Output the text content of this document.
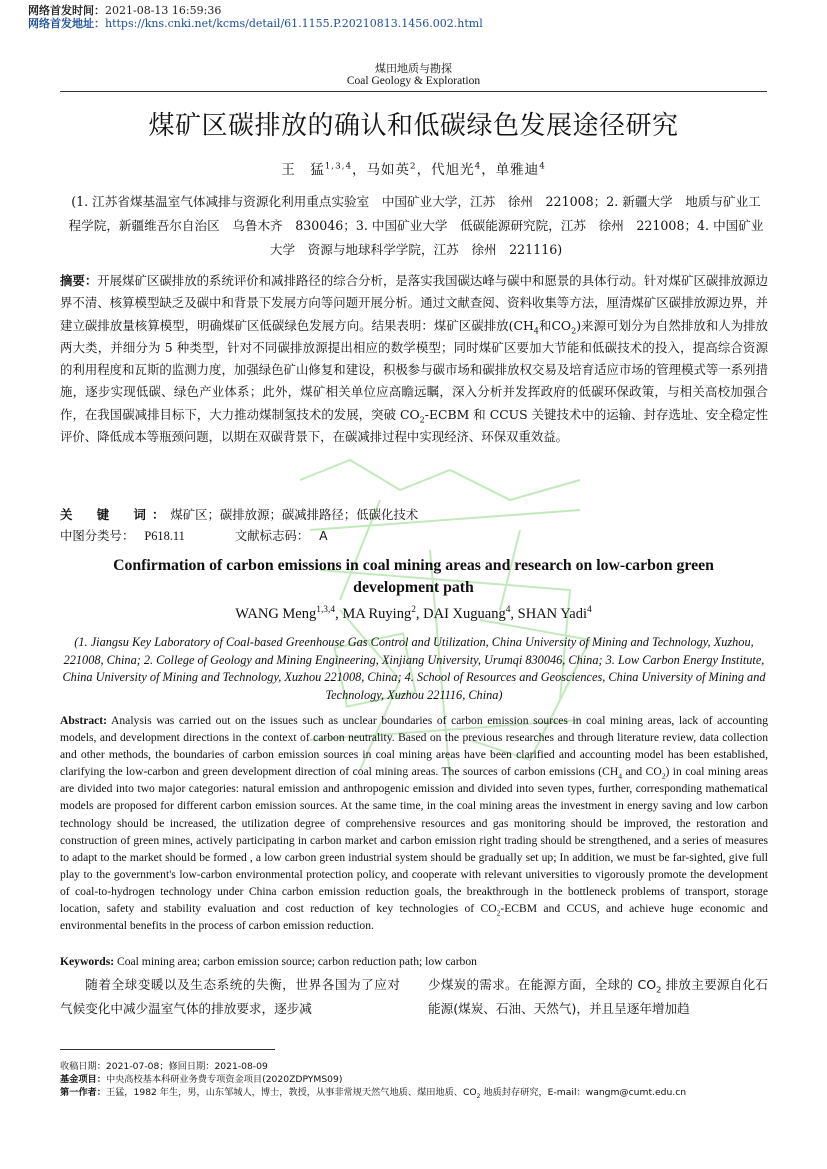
网络首发时间：2021-08-13 16:59:36
网络首发地址：https://kns.cnki.net/kcms/detail/61.1155.P.20210813.1456.002.html
煤田地质与勘探
Coal Geology & Exploration
煤矿区碳排放的确认和低碳绿色发展途径研究
王　猛$^{1,3,4}$，马如英$^2$，代旭光$^4$，单雅迪$^4$
(1. 江苏省煤基温室气体减排与资源化利用重点实验室　中国矿业大学，江苏　徐州　221008；2. 新疆大学　地质与矿业工程学院，新疆维吾尔自治区　乌鲁木齐　830046；3. 中国矿业大学　低碳能源研究院，江苏　徐州　221008；4. 中国矿业大学　资源与地球科学学院，江苏　徐州　221116)
摘要：开展煤矿区碳排放的系统评价和减排路径的综合分析，是落实我国碳达峰与碳中和愿景的具体行动。针对煤矿区碳排放源边界不清、核算模型缺乏及碳中和背景下发展方向等问题开展分析。通过文献查阅、资料收集等方法，厘清煤矿区碳排放源边界，并建立碳排放量核算模型，明确煤矿区低碳绿色发展方向。结果表明：煤矿区碳排放($CH_4$和$CO_2$)来源可划分为自然排放和人为排放两大类，并细分为 5 种类型，针对不同碳排放源提出相应的数学模型；同时煤矿区要加大节能和低碳技术的投入，提高综合资源的利用程度和瓦斯的监测力度，加强绿色矿山修复和建设，积极参与碳市场和碳排放权交易及培育适应市场的管理模式等一系列措施，逐步实现低碳、绿色产业体系；此外，煤矿相关单位应高瞻远瞩，深入分析并发挥政府的低碳环保政策，与相关高校加强合作，在我国碳减排目标下，大力推动煤制氢技术的发展，突破 $CO_2$-ECBM 和 CCUS 关键技术中的运输、封存选址、安全稳定性评价、降低成本等瓶颈问题，以期在双碳背景下，在碳减排过程中实现经济、环保双重效益。
关　键　词：煤矿区；碳排放源；碳减排路径；低碳化技术
中图分类号： P618.11	文献标志码： A
Confirmation of carbon emissions in coal mining areas and research on low-carbon green development path
WANG Meng$^{1,3,4}$, MA Ruying$^2$, DAI Xuguang$^4$, SHAN Yadi$^4$
(1. Jiangsu Key Laboratory of Coal-based Greenhouse Gas Control and Utilization, China University of Mining and Technology, Xuzhou, 221008, China; 2. College of Geology and Mining Engineering, Xinjiang University, Urumqi 830046, China; 3. Low Carbon Energy Institute, China University of Mining and Technology, Xuzhou 221008, China; 4. School of Resources and Geosciences, China University of Mining and Technology, Xuzhou 221116, China)
Abstract: Analysis was carried out on the issues such as unclear boundaries of carbon emission sources in coal mining areas, lack of accounting models, and development directions in the context of carbon neutrality. Based on the previous researches and through literature review, data collection and other methods, the boundaries of carbon emission sources in coal mining areas have been clarified and accounting model has been established, clarifying the low-carbon and green development direction of coal mining areas. The sources of carbon emissions ($CH_4$ and $CO_2$) in coal mining areas are divided into two major categories: natural emission and anthropogenic emission and divided into seven types, further, corresponding mathematical models are proposed for different carbon emission sources. At the same time, in the coal mining areas the investment in energy saving and low carbon technology should be increased, the utilization degree of comprehensive resources and gas monitoring should be improved, the restoration and construction of green mines, actively participating in carbon market and carbon emission right trading should be strengthened, and a series of measures to adapt to the market should be formed , a low carbon green industrial system should be gradually set up; In addition, we must be far-sighted, give full play to the government's low-carbon environmental protection policy, and cooperate with relevant universities to vigorously promote the development of coal-to-hydrogen technology under China carbon emission reduction goals, the breakthrough in the bottleneck problems of transport, storage location, safety and stability evaluation and cost reduction of key technologies of $CO_2$-ECBM and CCUS, and achieve huge economic and environmental benefits in the process of carbon emission reduction.
Keywords: Coal mining area; carbon emission source; carbon reduction path; low carbon
随着全球变暖以及生态系统的失衡，世界各国为了应对气候变化中减少温室气体的排放要求，逐步减
少煤炭的需求。在能源方面，全球的 $CO_2$ 排放主要源自化石能源(煤炭、石油、天然气)，并且呈逐年增加趋
收稿日期：2021-07-08；修回日期：2021-08-09
基金项目：中央高校基本科研业务费专项资金项目(2020ZDPYMS09)
第一作者：王猛，1982 年生，男，山东邹城人，博士，教授，从事非常规天然气地质、煤田地质、$CO_2$ 地质封存研究，E-mail：wangm@cumt.edu.cn
